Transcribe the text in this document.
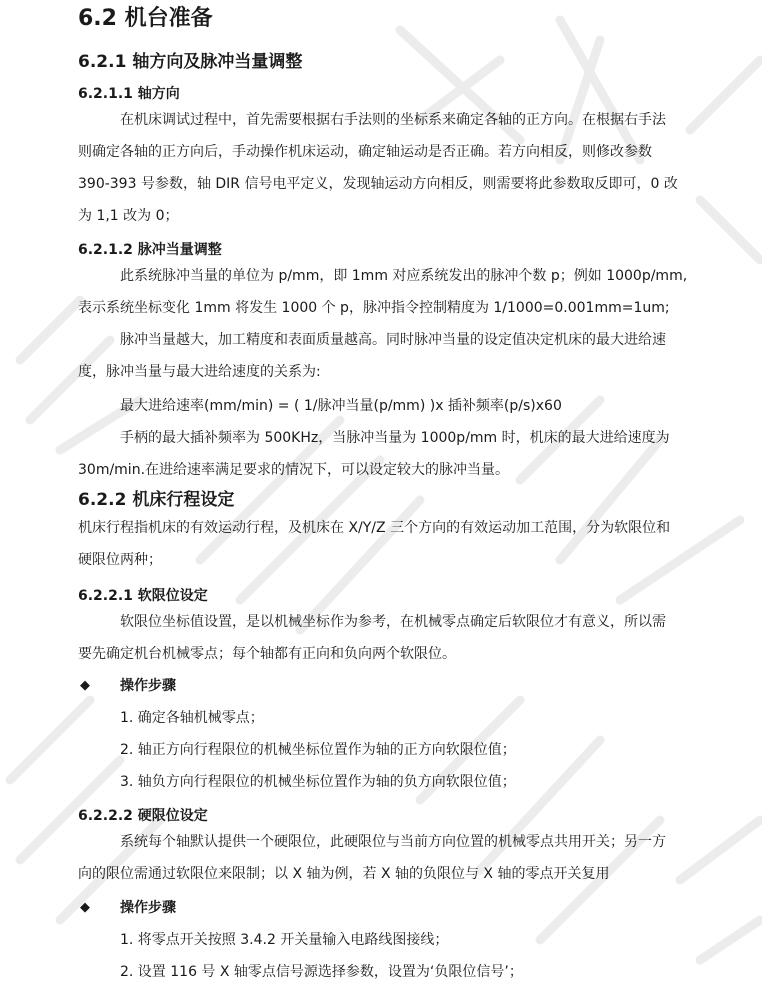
6.2 机台准备
6.2.1 轴方向及脉冲当量调整
6.2.1.1 轴方向
在机床调试过程中，首先需要根据右手法则的坐标系来确定各轴的正方向。在根据右手法
则确定各轴的正方向后，手动操作机床运动，确定轴运动是否正确。若方向相反，则修改参数
390-393 号参数，轴 DIR 信号电平定义，发现轴运动方向相反，则需要将此参数取反即可，0 改
为 1,1 改为 0；
6.2.1.2 脉冲当量调整
此系统脉冲当量的单位为 p/mm，即 1mm 对应系统发出的脉冲个数 p；例如 1000p/mm,
表示系统坐标变化 1mm 将发生 1000 个 p，脉冲指令控制精度为 1/1000=0.001mm=1um;
脉冲当量越大，加工精度和表面质量越高。同时脉冲当量的设定值决定机床的最大进给速
度，脉冲当量与最大进给速度的关系为:
最大进给速率(mm/min) = ( 1/脉冲当量(p/mm) )x 插补频率(p/s)x60
手柄的最大插补频率为 500KHz，当脉冲当量为 1000p/mm 时，机床的最大进给速度为
30m/min.在进给速率满足要求的情况下，可以设定较大的脉冲当量。
6.2.2 机床行程设定
机床行程指机床的有效运动行程，及机床在 X/Y/Z 三个方向的有效运动加工范围，分为软限位和
硬限位两种；
6.2.2.1 软限位设定
软限位坐标值设置，是以机械坐标作为参考，在机械零点确定后软限位才有意义，所以需
要先确定机台机械零点；每个轴都有正向和负向两个软限位。
◆ 操作步骤
1. 确定各轴机械零点；
2. 轴正方向行程限位的机械坐标位置作为轴的正方向软限位值；
3. 轴负方向行程限位的机械坐标位置作为轴的负方向软限位值；
6.2.2.2 硬限位设定
系统每个轴默认提供一个硬限位，此硬限位与当前方向位置的机械零点共用开关；另一方
向的限位需通过软限位来限制；以 X 轴为例，若 X 轴的负限位与 X 轴的零点开关复用
◆ 操作步骤
1. 将零点开关按照 3.4.2 开关量输入电路线图接线；
2. 设置 116 号 X 轴零点信号源选择参数，设置为‘负限位信号’；
